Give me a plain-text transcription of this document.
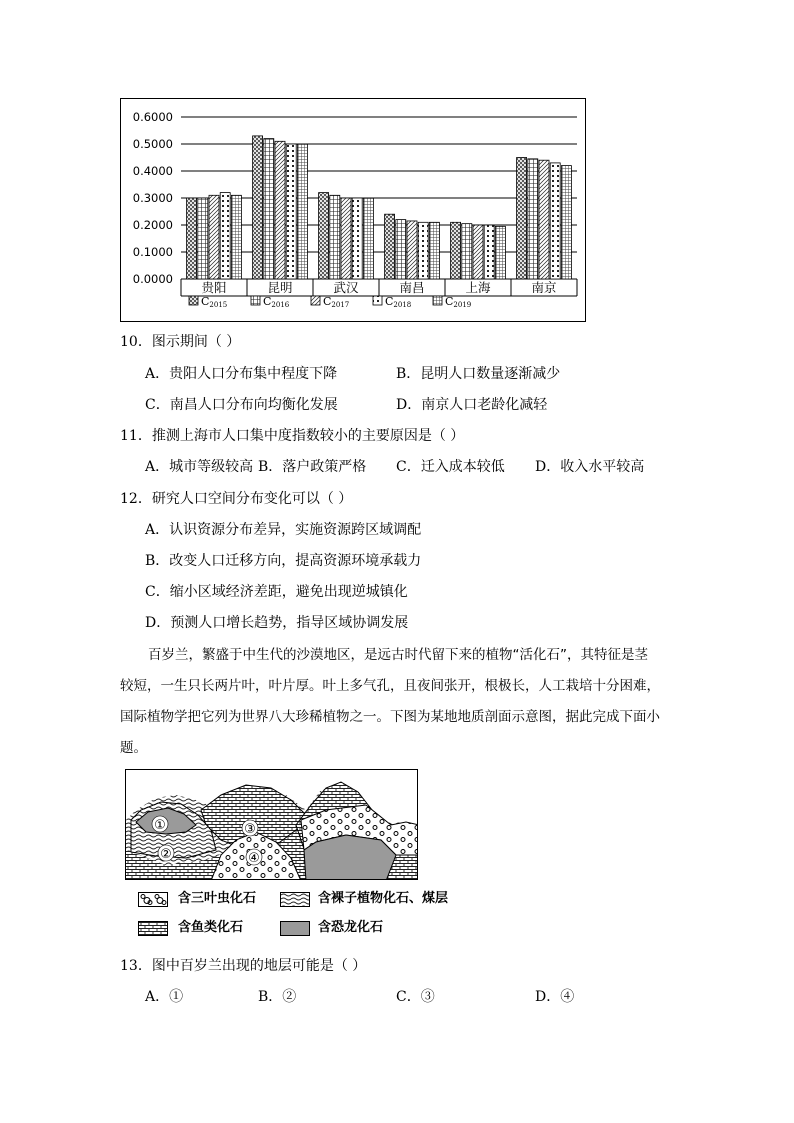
0.0000
0.1000
0.2000
0.3000
0.4000
0.5000
0.6000
贵阳	昆明	武汉	南昌	上海	南京
C2015	C2016	C2017	C2018	C2019
10．图示期间（ ）
A．贵阳人口分布集中程度下降	B．昆明人口数量逐渐减少
C．南昌人口分布向均衡化发展	D．南京人口老龄化减轻
11．推测上海市人口集中度指数较小的主要原因是（ ）
A．城市等级较高 B．落户政策严格 C．迁入成本较低 D．收入水平较高
12．研究人口空间分布变化可以（ ）
A．认识资源分布差异，实施资源跨区域调配
B．改变人口迁移方向，提高资源环境承载力
C．缩小区域经济差距，避免出现逆城镇化
D．预测人口增长趋势，指导区域协调发展
百岁兰，繁盛于中生代的沙漠地区，是远古时代留下来的植物“活化石”，其特征是茎
较短，一生只长两片叶，叶片厚。叶上多气孔，且夜间张开，根极长，人工栽培十分困难，
国际植物学把它列为世界八大珍稀植物之一。下图为某地地质剖面示意图，据此完成下面小
题。
①
②
③
④
含三叶虫化石	含裸子植物化石、煤层
含鱼类化石	含恐龙化石
13．图中百岁兰出现的地层可能是（ ）
A．①	B．②	C．③	D．④
